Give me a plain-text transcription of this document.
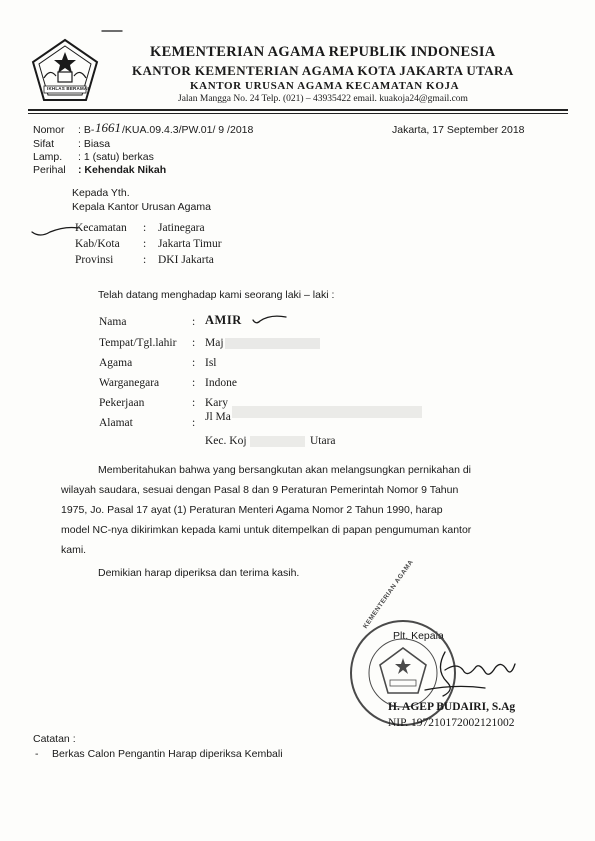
IKHLAS BERAMAL
KEMENTERIAN AGAMA REPUBLIK INDONESIA
KANTOR KEMENTERIAN AGAMA KOTA JAKARTA UTARA
KANTOR URUSAN AGAMA KECAMATAN KOJA
Jalan Mangga No. 24 Telp. (021) – 43935422 email. kuakoja24@gmail.com
Nomor : B- 1661 /KUA.09.4.3/PW.01/ 9 /2018	Jakarta, 17 September 2018
Sifat : Biasa
Lamp. : 1 (satu) berkas
Perihal : Kehendak Nikah
Kepada Yth.
Kepala Kantor Urusan Agama
Kecamatan : Jatinegara
Kab/Kota : Jakarta Timur
Provinsi	: DKI Jakarta
Telah datang menghadap kami seorang laki – laki :
Nama	: AMIR
Tempat/Tgl.lahir : Maj
Agama	: Isl
Warganegara	: Indone
Pekerjaan	: Kary
Alamat	: Jl Ma
Kec. Koj	Utara
Memberitahukan bahwa yang bersangkutan akan melangsungkan pernikahan di
wilayah saudara, sesuai dengan Pasal 8 dan 9 Peraturan Pemerintah Nomor 9 Tahun
1975, Jo. Pasal 17 ayat (1) Peraturan Menteri Agama Nomor 2 Tahun 1990, harap
model NC-nya dikirimkan kepada kami untuk ditempelkan di papan pengumuman kantor
kami.
Demikian harap diperiksa dan terima kasih.
Plt. Kepala
KEMENTERIAN AGAMA
H. AGEP BUDAIRI, S.Ag
NIP. 197210172002121002
Catatan :
- Berkas Calon Pengantin Harap diperiksa Kembali
